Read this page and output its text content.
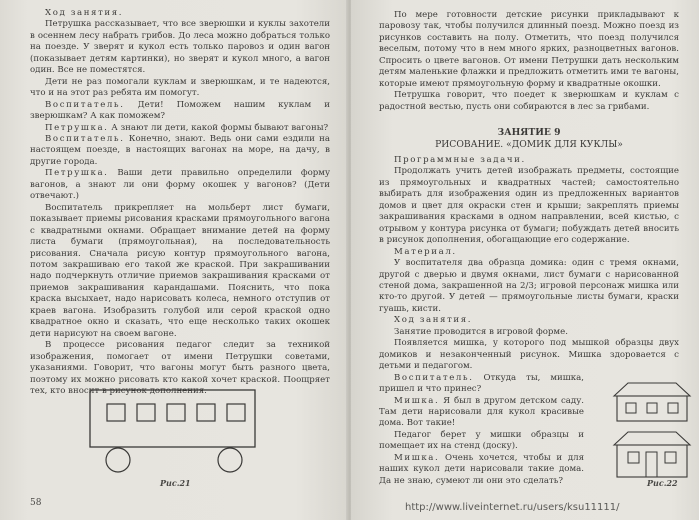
Ход занятия.

Петрушка рассказывает, что все зверюшки и куклы захотели в осеннем лесу набрать грибов. До леса можно добраться только на поезде. У зверят и кукол есть только паровоз и один вагон (показывает детям картинки), но зверят и кукол много, а вагон один. Все не поместятся.

Дети не раз помогали куклам и зверюшкам, и те надеются, что и на этот раз ребята им помогут.

Воспитатель. Дети! Поможем нашим куклам и зверюшкам? А как поможем?

Петрушка. А знают ли дети, какой формы бывают вагоны?

Воспитатель. Конечно, знают. Ведь они сами ездили на настоящем поезде, в настоящих вагонах на море, на дачу, в другие города.

Петрушка. Ваши дети правильно определили форму вагонов, а знают ли они форму окошек у вагонов? (Дети отвечают.)

Воспитатель прикрепляет на мольберт лист бумаги, показывает приемы рисования красками прямоугольного вагона с квадратными окнами. Обращает внимание детей на форму листа бумаги (прямоугольная), на последовательность рисования. Сначала рисую контур прямоугольного вагона, потом закрашиваю его такой же краской. При закрашивании надо подчеркнуть отличие приемов закрашивания красками от приемов закрашивания карандашами. Пояснить, что пока краска высыхает, надо нарисовать колеса, немного отступив от краев вагона. Изобразить голубой или серой краской одно квадратное окно и сказать, что еще несколько таких окошек дети нарисуют на своем вагоне.

В процессе рисования педагог следит за техникой изображения, помогает от имени Петрушки советами, указаниями. Говорит, что вагоны могут быть разного цвета, поэтому их можно рисовать кто какой хочет краской. Поощряет тех, кто вносит в рисунок дополнения.

Рис.21
58

По мере готовности детские рисунки прикладывают к паровозу так, чтобы получился длинный поезд. Можно поезд из рисунков составить на полу. Отметить, что поезд получился веселым, потому что в нем много ярких, разноцветных вагонов. Спросить о цвете вагонов. От имени Петрушки дать нескольким детям маленькие флажки и предложить отметить ими те вагоны, которые имеют прямоугольную форму и квадратные окошки.

Петрушка говорит, что поедет к зверюшкам и куклам с радостной вестью, пусть они собираются в лес за грибами.

ЗАНЯТИЕ 9

РИСОВАНИЕ. «ДОМИК ДЛЯ КУКЛЫ»

Программные задачи.

Продолжать учить детей изображать предметы, состоящие из прямоугольных и квадратных частей; самостоятельно выбирать для изображения один из предложенных вариантов домов и цвет для окраски стен и крыши; закреплять приемы закрашивания красками в одном направлении, всей кистью, с отрывом у контура рисунка от бумаги; побуждать детей вносить в рисунок дополнения, обогащающие его содержание.

Материал.

У воспитателя два образца домика: один с тремя окнами, другой с дверью и двумя окнами, лист бумаги с нарисованной стеной дома, закрашенной на 2/3; игровой персонаж мишка или кто-то другой. У детей — прямоугольные листы бумаги, краски гуашь, кисти.

Ход занятия.

Занятие проводится в игровой форме.

Появляется мишка, у которого под мышкой образцы двух домиков и незаконченный рисунок. Мишка здоровается с детьми и педагогом.

Воспитатель. Откуда ты, мишка, пришел и что принес?

Мишка. Я был в другом детском саду. Там дети нарисовали для кукол красивые дома. Вот такие!

Педагог берет у мишки образцы и помещает их на стенд (доску).

Мишка. Очень хочется, чтобы и для наших кукол дети нарисовали такие дома. Да не знаю, сумеют ли они это сделать?	Рис.22
http://www.liveinternet.ru/users/ksu11111/
